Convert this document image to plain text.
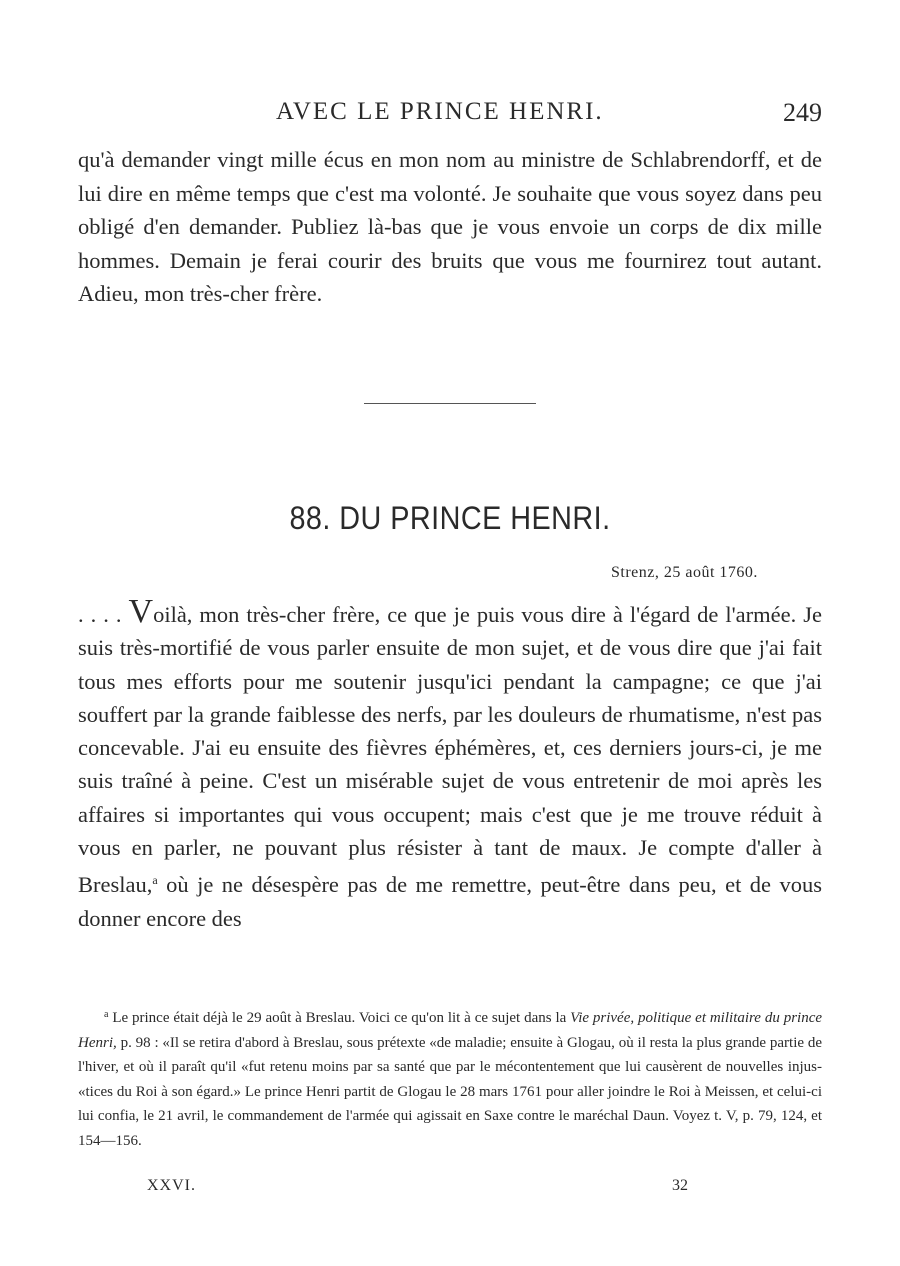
AVEC LE PRINCE HENRI.	249
qu'à demander vingt mille écus en mon nom au ministre de Schlabrendorff, et de lui dire en même temps que c'est ma volonté. Je souhaite que vous soyez dans peu obligé d'en demander. Publiez là-bas que je vous envoie un corps de dix mille hommes. Demain je ferai courir des bruits que vous me fournirez tout autant. Adieu, mon très-cher frère.
88. DU PRINCE HENRI.
Strenz, 25 août 1760.
. . . . Voilà, mon très-cher frère, ce que je puis vous dire à l'égard de l'armée. Je suis très-mortifié de vous parler ensuite de mon sujet, et de vous dire que j'ai fait tous mes efforts pour me soutenir jusqu'ici pendant la campagne; ce que j'ai souffert par la grande faiblesse des nerfs, par les douleurs de rhumatisme, n'est pas concevable. J'ai eu ensuite des fièvres éphémères, et, ces derniers jours-ci, je me suis traîné à peine. C'est un misérable sujet de vous entretenir de moi après les affaires si importantes qui vous occupent; mais c'est que je me trouve réduit à vous en parler, ne pouvant plus résister à tant de maux. Je compte d'aller à Breslau,$^a$ où je ne désespère pas de me remettre, peut-être dans peu, et de vous donner encore des
$^a$ Le prince était déjà le 29 août à Breslau. Voici ce qu'on lit à ce sujet dans la Vie privée, politique et militaire du prince Henri, p. 98 : «Il se retira d'abord à Breslau, sous prétexte «de maladie; ensuite à Glogau, où il resta la plus grande partie de l'hiver, et où il paraît qu'il «fut retenu moins par sa santé que par le mécontentement que lui causèrent de nouvelles injus- «tices du Roi à son égard.» Le prince Henri partit de Glogau le 28 mars 1761 pour aller joindre le Roi à Meissen, et celui-ci lui confia, le 21 avril, le commandement de l'armée qui agissait en Saxe contre le maréchal Daun. Voyez t. V, p. 79, 124, et 154—156.
XXVI.	32
